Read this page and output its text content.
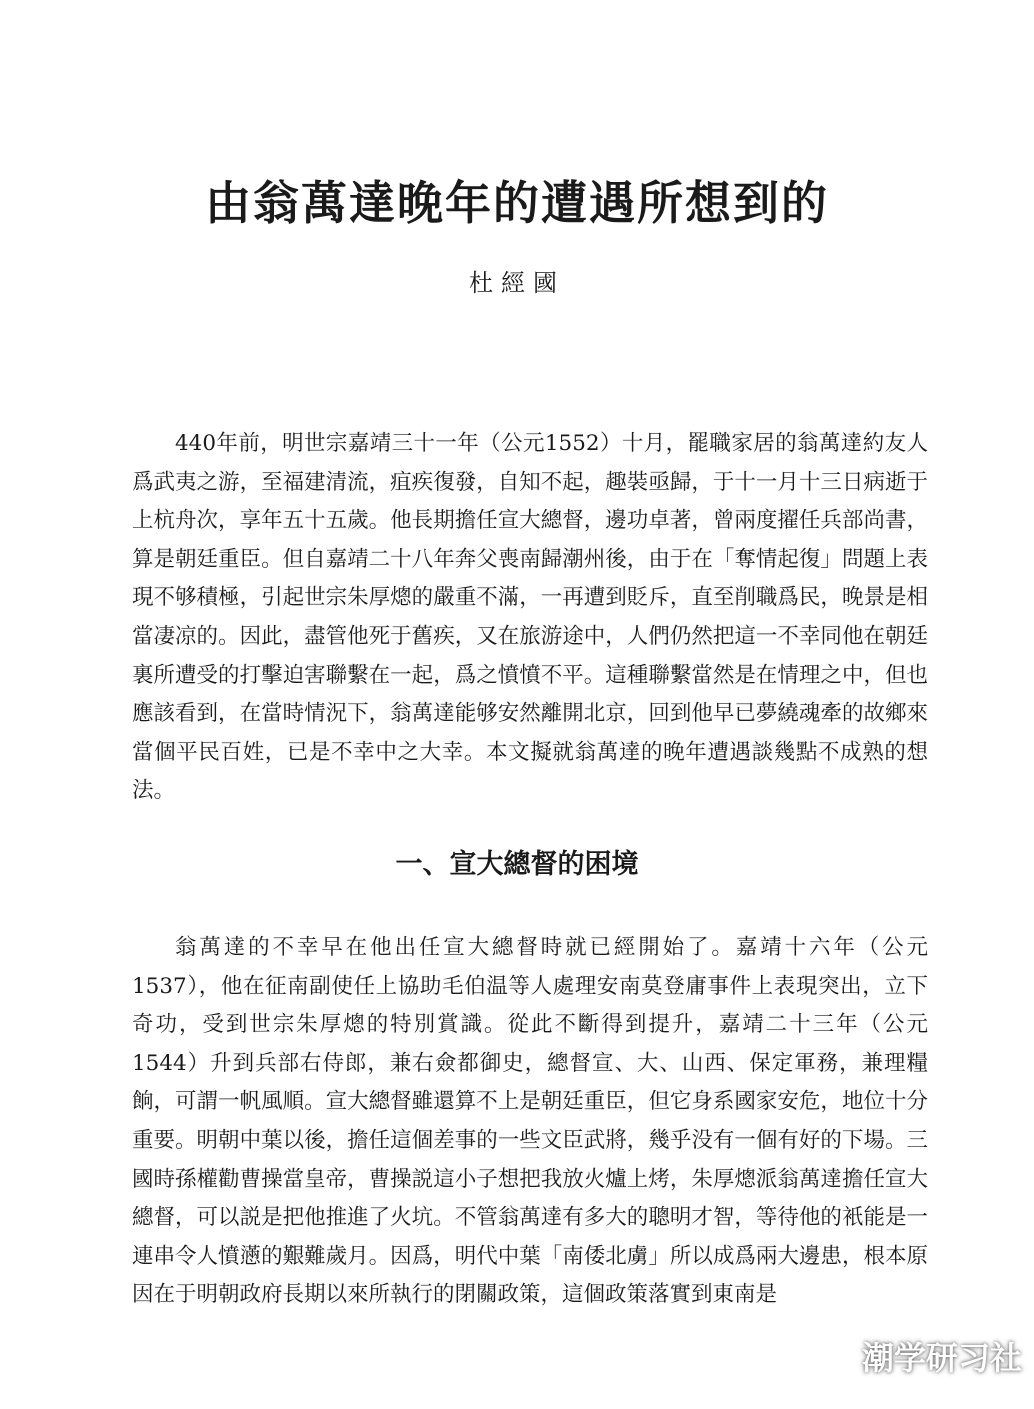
由翁萬達晚年的遭遇所想到的

杜經國

440年前，明世宗嘉靖三十一年（公元1552）十月，罷職家居的翁萬達約友人爲武夷之游，至福建清流，疽疾復發，自知不起，趣裝亟歸，于十一月十三日病逝于上杭舟次，享年五十五歲。他長期擔任宣大總督，邊功卓著，曾兩度擢任兵部尚書，算是朝廷重臣。但自嘉靖二十八年奔父喪南歸潮州後，由于在「奪情起復」問題上表現不够積極，引起世宗朱厚熜的嚴重不滿，一再遭到貶斥，直至削職爲民，晚景是相當凄凉的。因此，盡管他死于舊疾，又在旅游途中，人們仍然把這一不幸同他在朝廷裏所遭受的打擊迫害聯繫在一起，爲之憤憤不平。這種聯繫當然是在情理之中，但也應該看到，在當時情況下，翁萬達能够安然離開北京，回到他早已夢繞魂牽的故鄉來當個平民百姓，已是不幸中之大幸。本文擬就翁萬達的晚年遭遇談幾點不成熟的想法。

一、宣大總督的困境

翁萬達的不幸早在他出任宣大總督時就已經開始了。嘉靖十六年（公元1537），他在征南副使任上協助毛伯温等人處理安南莫登庸事件上表現突出，立下奇功，受到世宗朱厚熜的特別賞識。從此不斷得到提升，嘉靖二十三年（公元1544）升到兵部右侍郎，兼右僉都御史，總督宣、大、山西、保定軍務，兼理糧餉，可謂一帆風順。宣大總督雖還算不上是朝廷重臣，但它身系國家安危，地位十分重要。明朝中葉以後，擔任這個差事的一些文臣武將，幾乎没有一個有好的下場。三國時孫權勸曹操當皇帝，曹操説這小子想把我放火爐上烤，朱厚熜派翁萬達擔任宣大總督，可以説是把他推進了火坑。不管翁萬達有多大的聰明才智，等待他的衹能是一連串令人憤懣的艱難歲月。因爲，明代中葉「南倭北虜」所以成爲兩大邊患，根本原因在于明朝政府長期以來所執行的閉關政策，這個政策落實到東南是

潮学研习社
